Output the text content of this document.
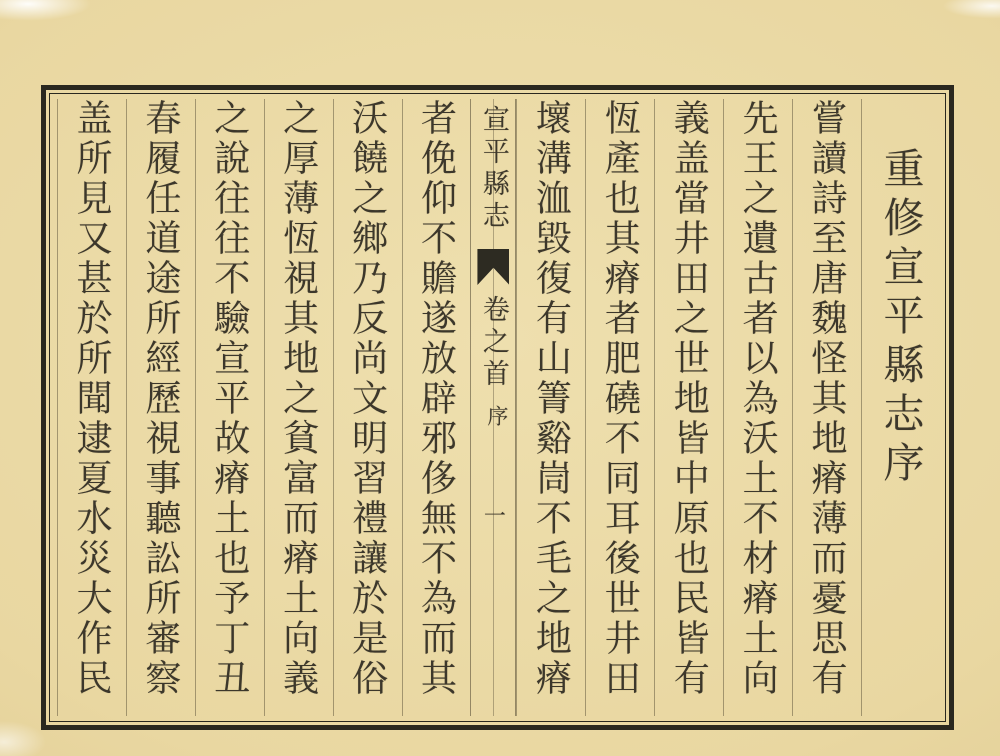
重修宣平縣志序
嘗讀詩至唐魏怪其地瘠薄而憂思有
先王之遺古者以為沃土不材瘠土向
義盖當井田之世地皆中原也民皆有
恆產也其瘠者肥磽不同耳後世井田
壞溝洫毀復有山箐谿峝不毛之地瘠
宣平縣志
卷之首
序
一
者俛仰不贍遂放辟邪侈無不為而其
沃饒之鄉乃反尚文明習禮讓於是俗
之厚薄恆視其地之貧富而瘠土向義
之說往往不驗宣平故瘠土也予丁丑
春履任道途所經歷視事聽訟所審察
盖所見又甚於所聞逮夏水災大作民
